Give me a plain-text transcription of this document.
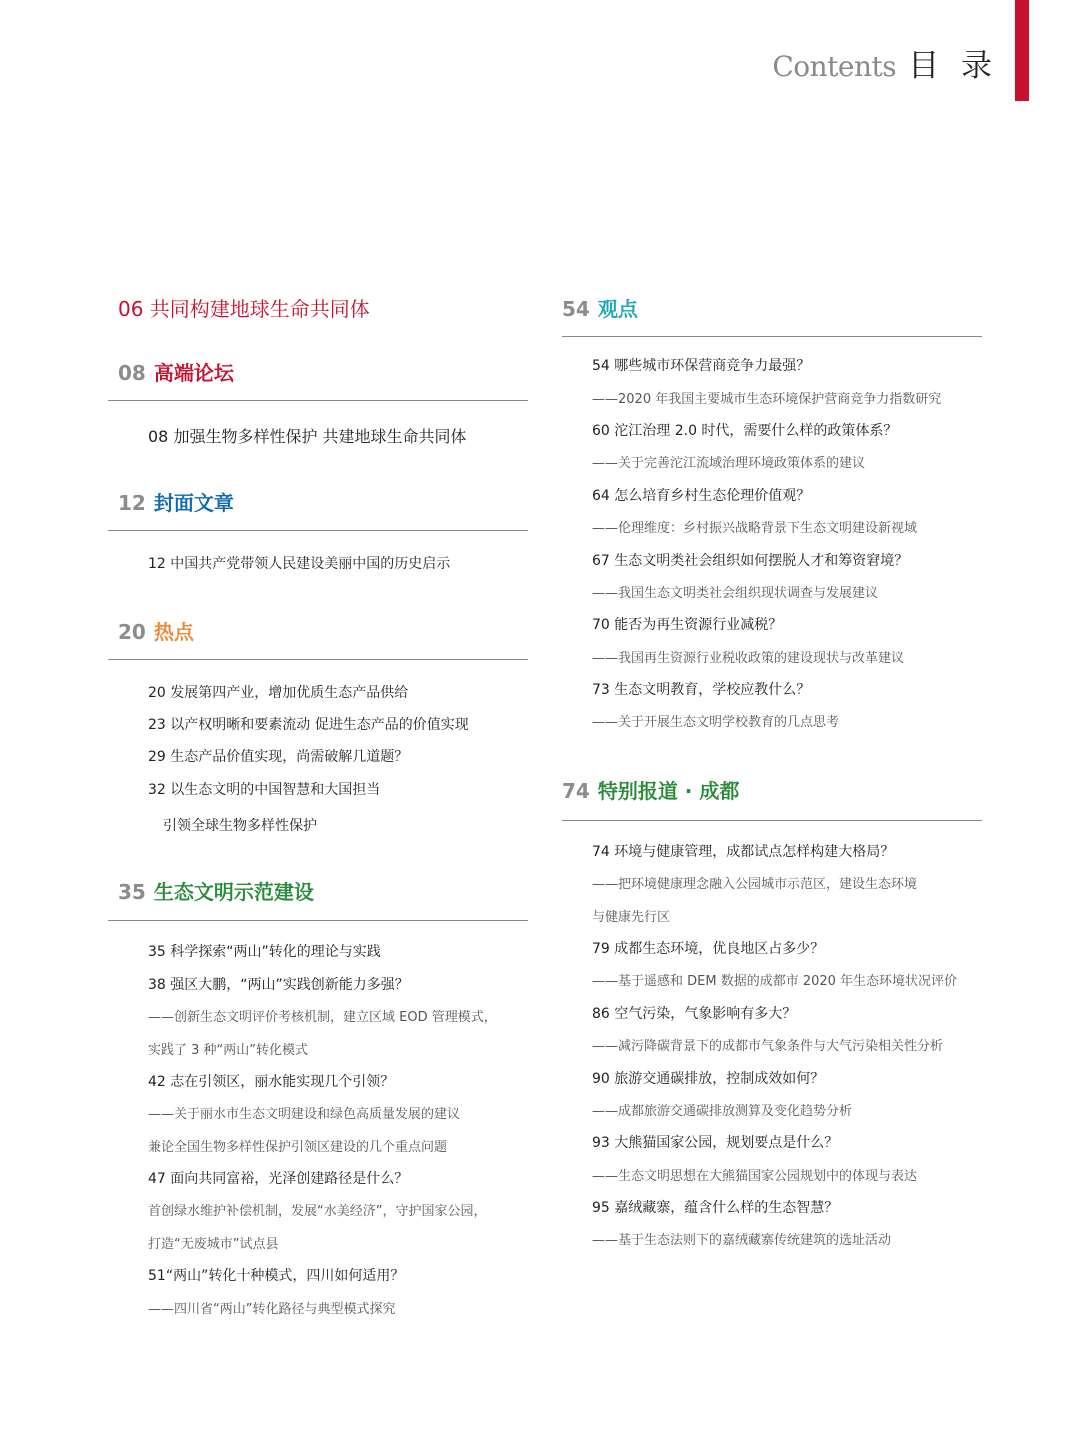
Contents 目 录
06 共同构建地球生命共同体
08 高端论坛
08 加强生物多样性保护 共建地球生命共同体
12 封面文章
12 中国共产党带领人民建设美丽中国的历史启示
20 热点
20 发展第四产业，增加优质生态产品供给
23 以产权明晰和要素流动 促进生态产品的价值实现
29 生态产品价值实现，尚需破解几道题？
32 以生态文明的中国智慧和大国担当
引领全球生物多样性保护
35 生态文明示范建设
35 科学探索“两山”转化的理论与实践
38 强区大鹏，“两山”实践创新能力多强？
——创新生态文明评价考核机制，建立区域 EOD 管理模式，
实践了 3 种“两山”转化模式
42 志在引领区，丽水能实现几个引领？
——关于丽水市生态文明建设和绿色高质量发展的建议
兼论全国生物多样性保护引领区建设的几个重点问题
47 面向共同富裕，光泽创建路径是什么？
首创绿水维护补偿机制，发展“水美经济”，守护国家公园，
打造“无废城市”试点县
51“两山”转化十种模式，四川如何适用？
——四川省“两山”转化路径与典型模式探究
54 观点
54 哪些城市环保营商竞争力最强？
——2020 年我国主要城市生态环境保护营商竞争力指数研究
60 沱江治理 2.0 时代，需要什么样的政策体系？
——关于完善沱江流域治理环境政策体系的建议
64 怎么培育乡村生态伦理价值观？
——伦理维度：乡村振兴战略背景下生态文明建设新视域
67 生态文明类社会组织如何摆脱人才和筹资窘境？
——我国生态文明类社会组织现状调查与发展建议
70 能否为再生资源行业减税？
——我国再生资源行业税收政策的建设现状与改革建议
73 生态文明教育，学校应教什么？
——关于开展生态文明学校教育的几点思考
74 特别报道 · 成都
74 环境与健康管理，成都试点怎样构建大格局？
——把环境健康理念融入公园城市示范区，建设生态环境
与健康先行区
79 成都生态环境，优良地区占多少？
——基于遥感和 DEM 数据的成都市 2020 年生态环境状况评价
86 空气污染，气象影响有多大？
——减污降碳背景下的成都市气象条件与大气污染相关性分析
90 旅游交通碳排放，控制成效如何？
——成都旅游交通碳排放测算及变化趋势分析
93 大熊猫国家公园，规划要点是什么？
——生态文明思想在大熊猫国家公园规划中的体现与表达
95 嘉绒藏寨，蕴含什么样的生态智慧？
——基于生态法则下的嘉绒藏寨传统建筑的选址活动
